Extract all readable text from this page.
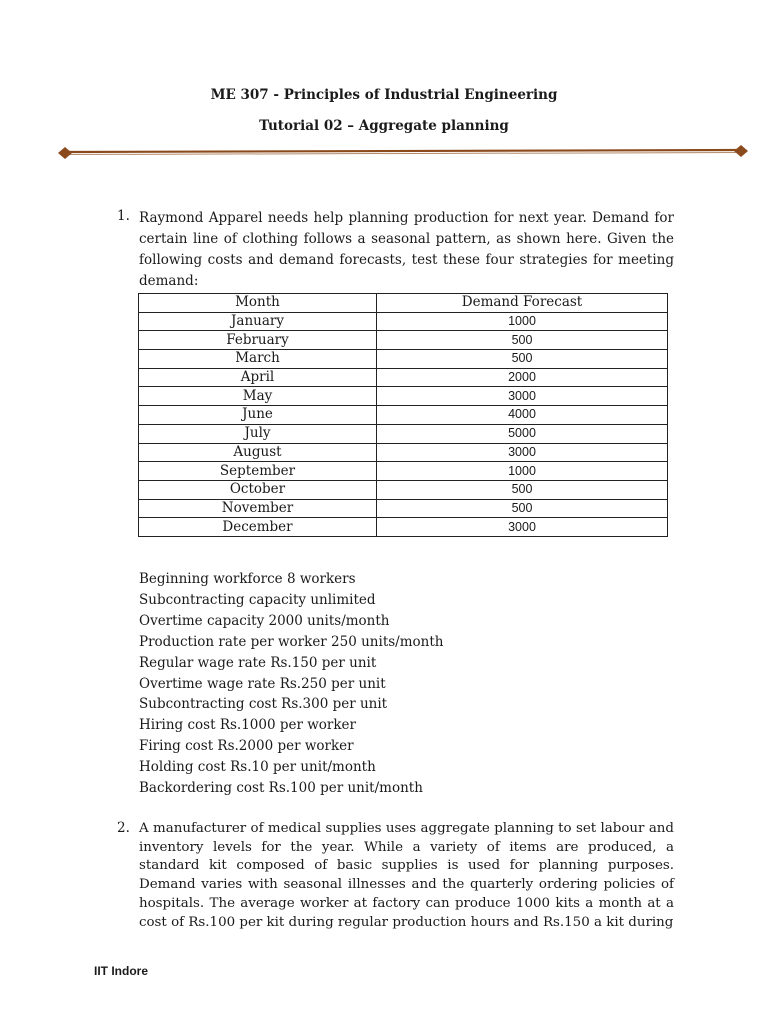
ME 307 - Principles of Industrial Engineering
Tutorial 02 – Aggregate planning
1. Raymond Apparel needs help planning production for next year. Demand for certain line of clothing follows a seasonal pattern, as shown here. Given the following costs and demand forecasts, test these four strategies for meeting demand:

Month	Demand Forecast
January	1000
February	500
March	500
April	2000
May	3000
June	4000
July	5000
August	3000
September	1000
October	500
November	500
December	3000
Beginning workforce 8 workers
Subcontracting capacity unlimited
Overtime capacity 2000 units/month
Production rate per worker 250 units/month
Regular wage rate Rs.150 per unit
Overtime wage rate Rs.250 per unit
Subcontracting cost Rs.300 per unit
Hiring cost Rs.1000 per worker
Firing cost Rs.2000 per worker
Holding cost Rs.10 per unit/month
Backordering cost Rs.100 per unit/month
2. A manufacturer of medical supplies uses aggregate planning to set labour and inventory levels for the year. While a variety of items are produced, a standard kit composed of basic supplies is used for planning purposes. Demand varies with seasonal illnesses and the quarterly ordering policies of hospitals. The average worker at factory can produce 1000 kits a month at a cost of Rs.100 per kit during regular production hours and Rs.150 a kit during

IIT Indore
